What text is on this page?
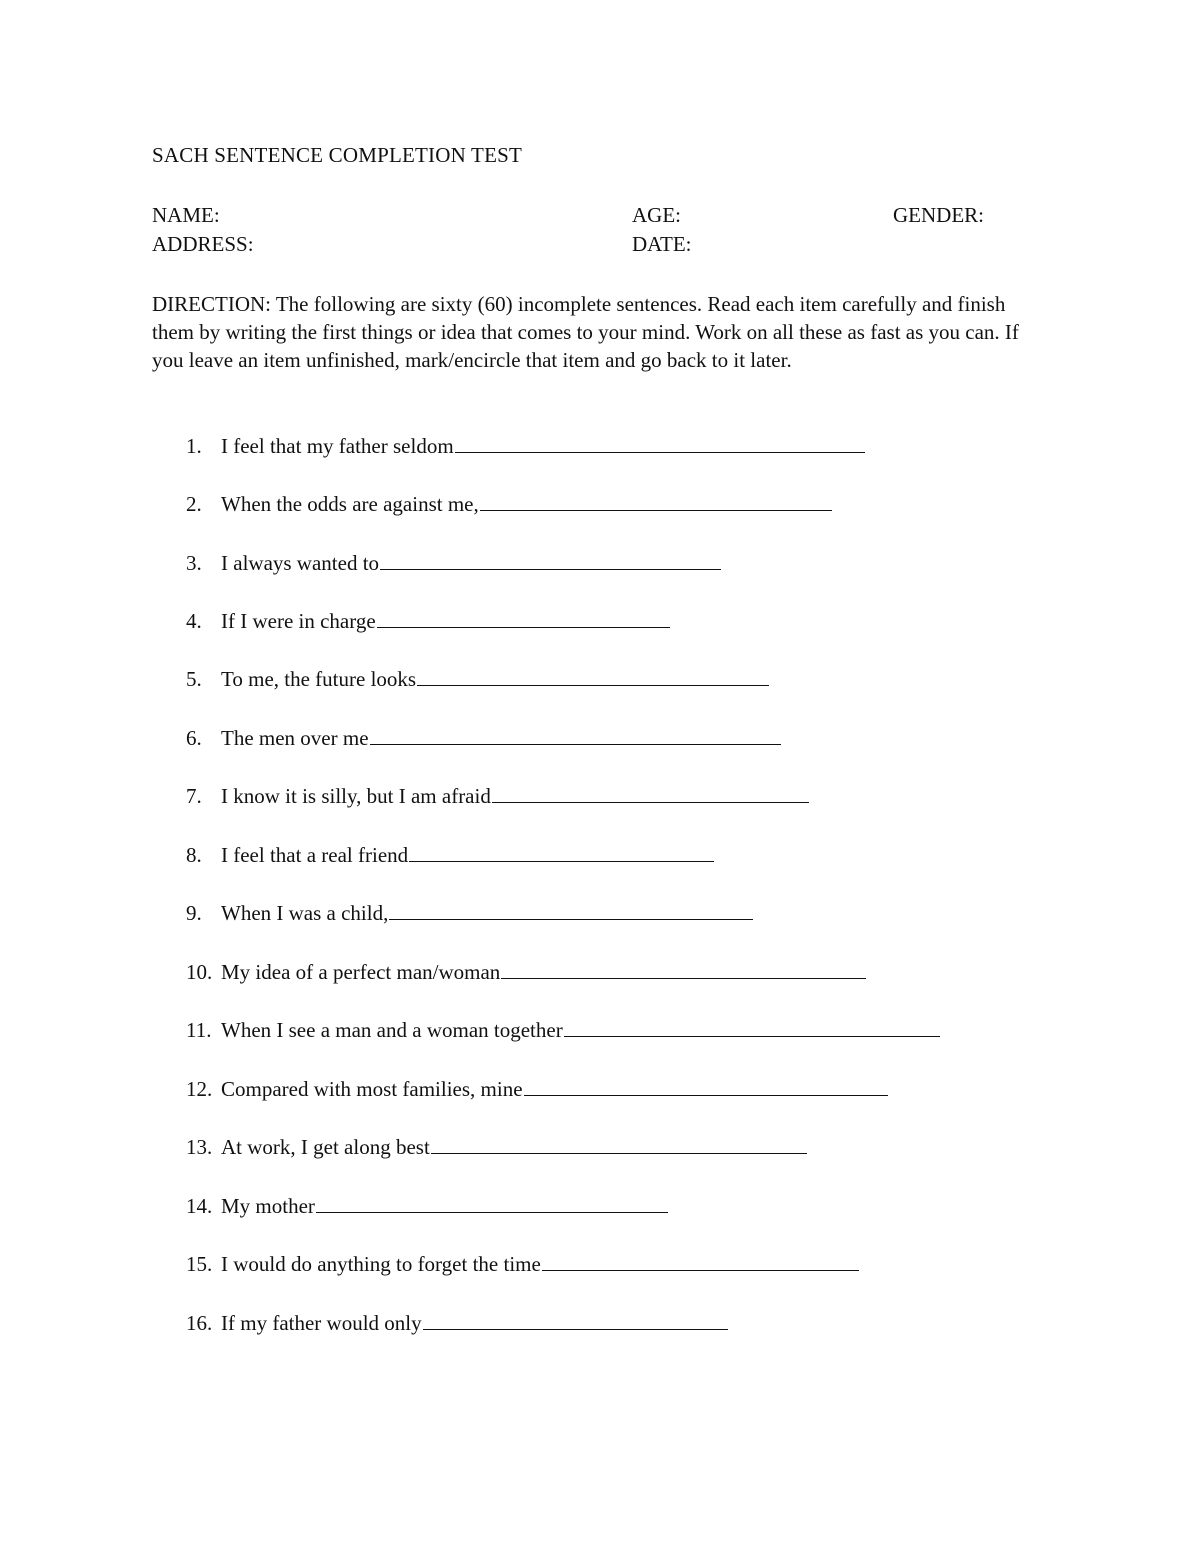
SACH SENTENCE COMPLETION TEST
NAME:	AGE:	GENDER:
ADDRESS:	DATE:
DIRECTION: The following are sixty (60) incomplete sentences. Read each item carefully and finish them by writing the first things or idea that comes to your mind. Work on all these as fast as you can. If you leave an item unfinished, mark/encircle that item and go back to it later.
1. I feel that my father seldom
2. When the odds are against me,
3. I always wanted to
4. If I were in charge
5. To me, the future looks
6. The men over me
7. I know it is silly, but I am afraid
8. I feel that a real friend
9. When I was a child,
10. My idea of a perfect man/woman
11. When I see a man and a woman together
12. Compared with most families, mine
13. At work, I get along best
14. My mother
15. I would do anything to forget the time
16. If my father would only
